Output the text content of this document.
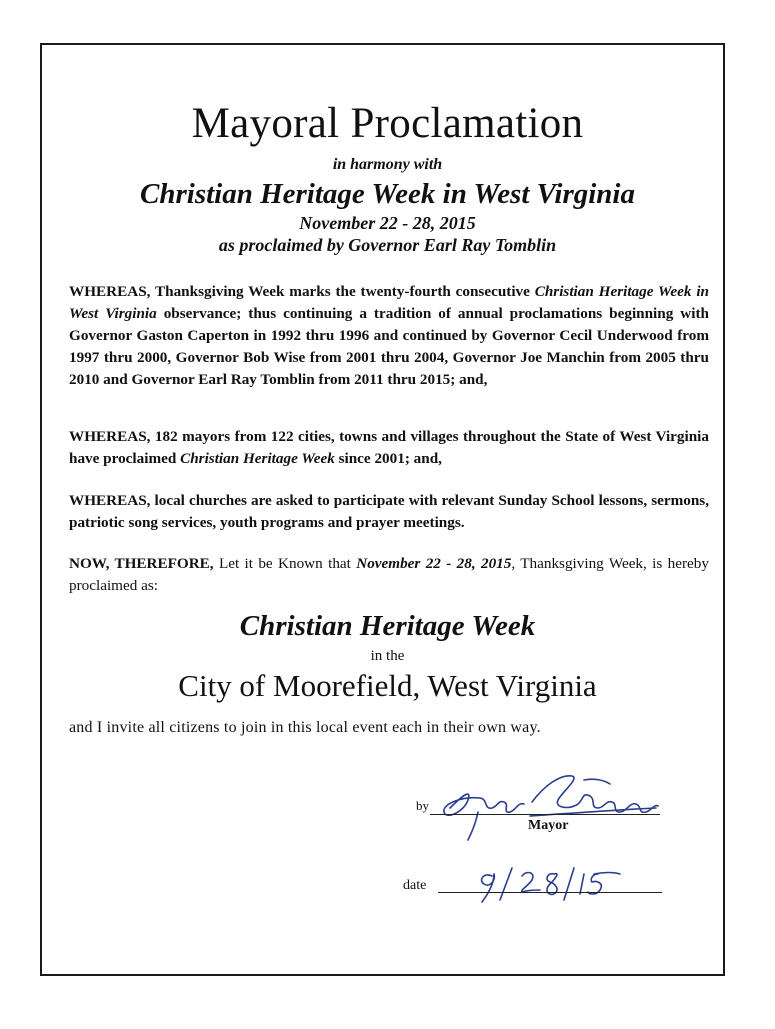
Mayoral Proclamation
in harmony with
Christian Heritage Week in West Virginia
November 22 - 28, 2015
as proclaimed by Governor Earl Ray Tomblin

WHEREAS, Thanksgiving Week marks the twenty-fourth consecutive Christian Heritage Week in West Virginia observance; thus continuing a tradition of annual proclamations beginning with Governor Gaston Caperton in 1992 thru 1996 and continued by Governor Cecil Underwood from 1997 thru 2000, Governor Bob Wise from 2001 thru 2004, Governor Joe Manchin from 2005 thru 2010 and Governor Earl Ray Tomblin from 2011 thru 2015; and,

WHEREAS, 182 mayors from 122 cities, towns and villages throughout the State of West Virginia have proclaimed Christian Heritage Week since 2001; and,

WHEREAS, local churches are asked to participate with relevant Sunday School lessons, sermons, patriotic song services, youth programs and prayer meetings.

NOW, THEREFORE, Let it be Known that November 22 - 28, 2015, Thanksgiving Week, is hereby proclaimed as:

Christian Heritage Week
in the
City of Moorefield, West Virginia
and I invite all citizens to join in this local event each in their own way.
by
Mayor
date
